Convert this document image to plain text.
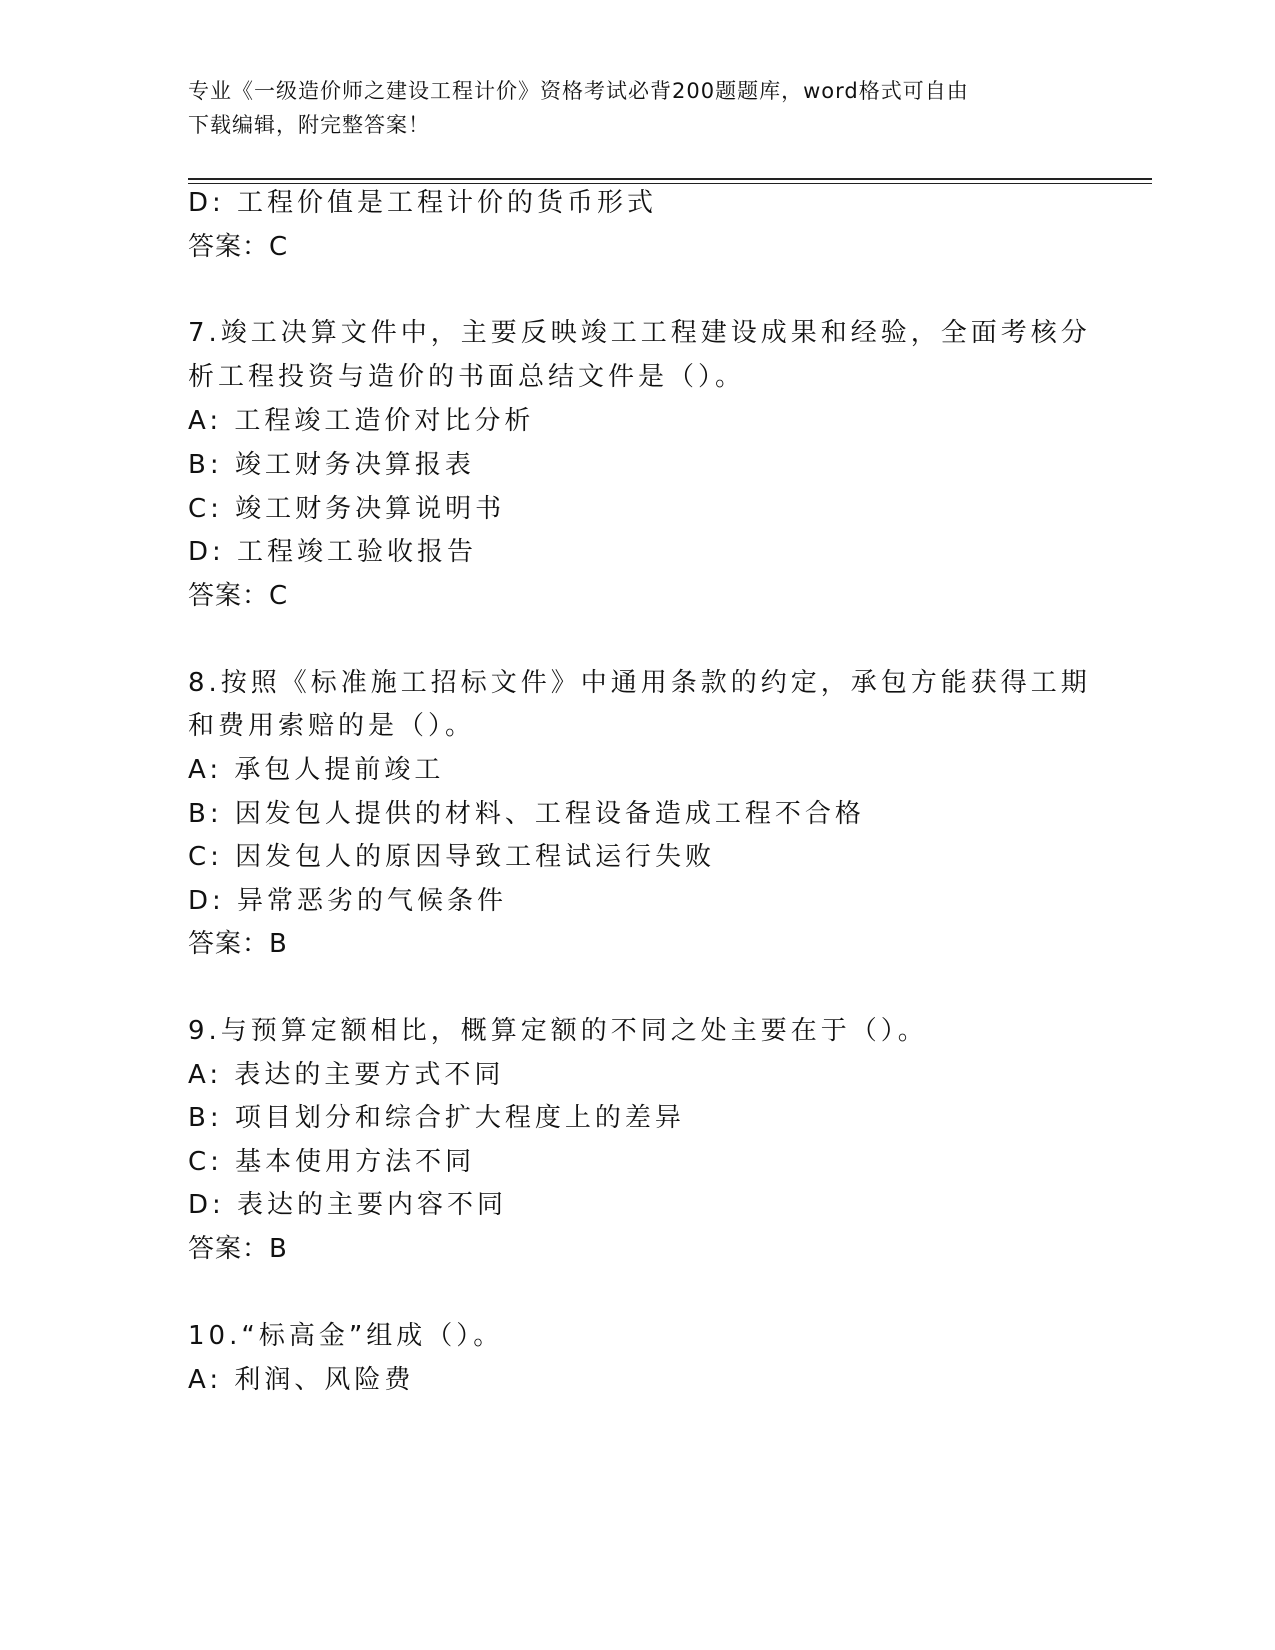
专业《一级造价师之建设工程计价》资格考试必背200题题库，word格式可自由
下载编辑，附完整答案！
D: 工程价值是工程计价的货币形式
答案：C
7.竣工决算文件中，主要反映竣工工程建设成果和经验，全面考核分
析工程投资与造价的书面总结文件是（）。
A: 工程竣工造价对比分析
B: 竣工财务决算报表
C: 竣工财务决算说明书
D: 工程竣工验收报告
答案：C
8.按照《标准施工招标文件》中通用条款的约定，承包方能获得工期
和费用索赔的是（）。
A: 承包人提前竣工
B: 因发包人提供的材料、工程设备造成工程不合格
C: 因发包人的原因导致工程试运行失败
D: 异常恶劣的气候条件
答案：B
9.与预算定额相比，概算定额的不同之处主要在于（）。
A: 表达的主要方式不同
B: 项目划分和综合扩大程度上的差异
C: 基本使用方法不同
D: 表达的主要内容不同
答案：B
10.“标高金”组成（）。
A: 利润、风险费
